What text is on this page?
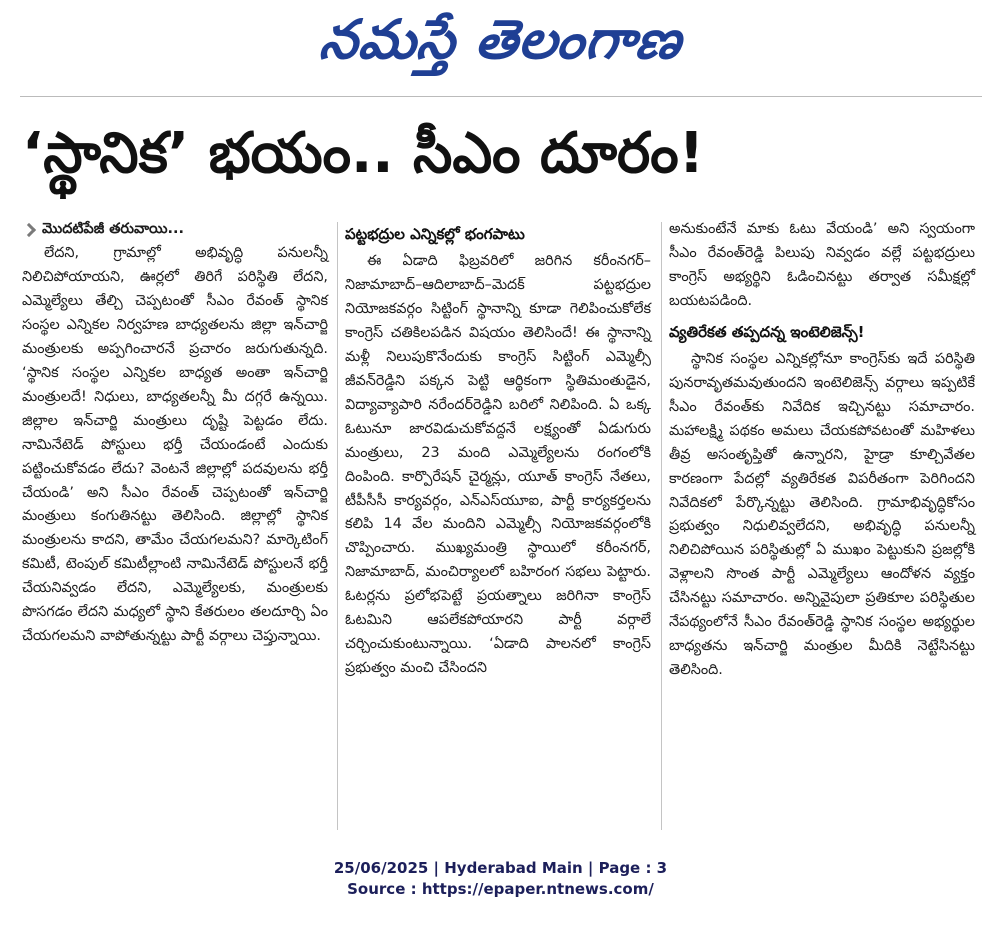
నమస్తే తెలంగాణ
‘స్థానిక’ భయం.. సీఎం దూరం!
మొదటిపేజీ తరువాయి...

లేదని, గ్రామాల్లో అభివృద్ధి పనులన్నీ నిలిచిపోయాయని, ఊర్లలో తిరిగే పరిస్థితి లేదని, ఎమ్మెల్యేలు తేల్చి చెప్పటంతో సీఎం రేవంత్ స్థానిక సంస్థల ఎన్నికల నిర్వహణ బాధ్యతలను జిల్లా ఇన్‌చార్జి మంత్రులకు అప్పగించారనే ప్రచారం జరుగుతున్నది. ‘స్థానిక సంస్థల ఎన్నికల బాధ్యత అంతా ఇన్‌చార్జి మంత్రులదే! నిధులు, బాధ్యతలన్నీ మీ దగ్గరే ఉన్నయి. జిల్లాల ఇన్‌చార్జి మంత్రులు దృష్టి పెట్టడం లేదు. నామినేటెడ్ పోస్టులు భర్తీ చేయండంటే ఎందుకు పట్టించుకోవడం లేదు? వెంటనే జిల్లాల్లో పదవులను భర్తీ చేయండి’ అని సీఎం రేవంత్ చెప్పటంతో ఇన్‌చార్జి మంత్రులు కంగుతినట్టు తెలిసింది. జిల్లాల్లో స్థానిక మంత్రులను కాదని, తామేం చేయగలమని? మార్కెటింగ్ కమిటీ, టెంపుల్ కమిటీల్లాంటి నామినేటెడ్ పోస్టులనే భర్తీ చేయనివ్వడం లేదని, ఎమ్మెల్యేలకు, మంత్రులకు పొసగడం లేదని మధ్యలో స్థాని కేతరులం తలదూర్చి ఏం చేయగలమని వాపోతున్నట్టు పార్టీ వర్గాలు చెప్తున్నాయి.

పట్టభద్రుల ఎన్నికల్లో భంగపాటు

ఈ ఏడాది ఫిబ్రవరిలో జరిగిన కరీంనగర్–నిజామాబాద్–ఆదిలాబాద్–మెదక్ పట్టభద్రుల నియోజకవర్గం సిట్టింగ్ స్థానాన్ని కూడా గెలిపించుకోలేక కాంగ్రెస్ చతికిలపడిన విషయం తెలిసిందే! ఈ స్థానాన్ని మళ్లీ నిలుపుకొనేందుకు కాంగ్రెస్ సిట్టింగ్ ఎమ్మెల్సీ జీవన్‌రెడ్డిని పక్కన పెట్టి ఆర్థికంగా స్థితిమంతుడైన, విద్యావ్యాపారి నరేందర్‌రెడ్డిని బరిలో నిలిపింది. ఏ ఒక్క ఓటునూ జారవిడుచుకోవద్దనే లక్ష్యంతో ఏడుగురు మంత్రులు, 23 మంది ఎమ్మెల్యేలను రంగంలోకి దింపింది. కార్పొరేషన్ చైర్మన్లు, యూత్ కాంగ్రెస్ నేతలు, టీపీసీసీ కార్యవర్గం, ఎన్ఎస్‌యూఐ, పార్టీ కార్యకర్తలను కలిపి 14 వేల మందిని ఎమ్మెల్సీ నియోజకవర్గంలోకి చొప్పించారు. ముఖ్యమంత్రి స్థాయిలో కరీంనగర్, నిజామాబాద్, మంచిర్యాలలో బహిరంగ సభలు పెట్టారు. ఓటర్లను ప్రలోభపెట్టే ప్రయత్నాలు జరిగినా కాంగ్రెస్ ఓటమిని ఆపలేకపోయారని పార్టీ వర్గాలే చర్చించుకుంటున్నాయి. ‘ఏడాది పాలనలో కాంగ్రెస్ ప్రభుత్వం మంచి చేసిందని

అనుకుంటేనే మాకు ఓటు వేయండి’ అని స్వయంగా సీఎం రేవంత్‌రెడ్డి పిలుపు నివ్వడం వల్లే పట్టభద్రులు కాంగ్రెస్ అభ్యర్థిని ఓడించినట్టు తర్వాత సమీక్షల్లో బయటపడింది.

వ్యతిరేకత తప్పదన్న ఇంటెలిజెన్స్!

స్థానిక సంస్థల ఎన్నికల్లోనూ కాంగ్రెస్‌కు ఇదే పరిస్థితి పునరావృతమవుతుందని ఇంటెలిజెన్స్ వర్గాలు ఇప్పటికే సీఎం రేవంత్‌కు నివేదిక ఇచ్చినట్టు సమాచారం. మహాలక్ష్మి పథకం అమలు చేయకపోవటంతో మహిళలు తీవ్ర అసంతృప్తితో ఉన్నారని, హైడ్రా కూల్చివేతల కారణంగా పేదల్లో వ్యతిరేకత విపరీతంగా పెరిగిందని నివేదికలో పేర్కొన్నట్టు తెలిసింది. గ్రామాభివృద్ధికోసం ప్రభుత్వం నిధులివ్వలేదని, అభివృద్ధి పనులన్నీ నిలిచిపోయిన పరిస్థితుల్లో ఏ ముఖం పెట్టుకుని ప్రజల్లోకి వెళ్లాలని సొంత పార్టీ ఎమ్మెల్యేలు ఆందోళన వ్యక్తం చేసినట్టు సమాచారం. అన్నివైపులా ప్రతికూల పరిస్థితుల నేపథ్యంలోనే సీఎం రేవంత్‌రెడ్డి స్థానిక సంస్థల అభ్యర్థుల బాధ్యతను ఇన్‌చార్జి మంత్రుల మీదికి నెట్టేసినట్టు తెలిసింది.

25/06/2025 | Hyderabad Main | Page : 3
Source : https://epaper.ntnews.com/
